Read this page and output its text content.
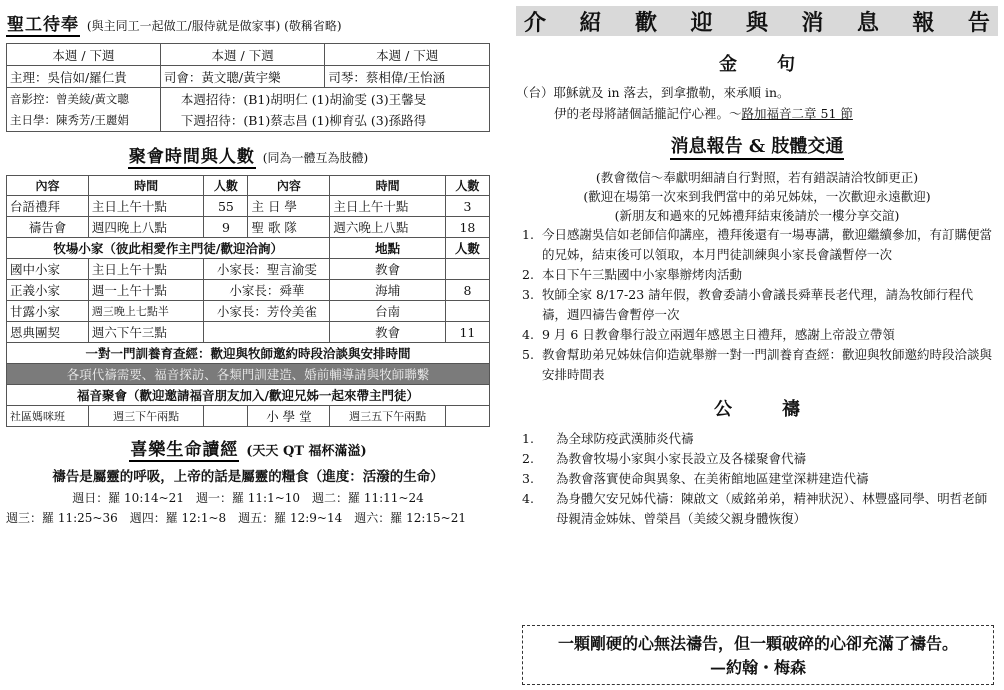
聖工待奉 (與主同工一起做工/服侍就是做家事) (敬稱省略)
本週 / 下週	本週 / 下週	本週 / 下週
主理：吳信如/羅仁貴	司會：黃文聰/黃宇樂	司琴：蔡相偉/王怡涵
音影控：曾美綾/黃文聰	本週招待：(B1)胡明仁 (1)胡渝雯 (3)王馨旻	
主日學：陳秀芳/王麗娟	下週招待：(B1)蔡志昌 (1)柳育弘 (3)孫路得	
聚會時間與人數 (同為一體互為肢體)
內容	時間	人數	內容	時間	人數
台語禮拜	主日上午十點	55	主 日 學	主日上午十點	3
禱告會	週四晚上八點	9	聖 歌 隊	週六晚上八點	18
牧場小家（彼此相愛作主門徒/歡迎洽詢）				地點	人數
國中小家	主日上午十點	小家長：聖言渝雯		教會	
正義小家	週一上午十點	小家長：舜華		海埔	8
甘露小家	週三晚上七點半	小家長：芳伶美雀		台南	
恩典團契	週六下午三點			教會	11
一對一門訓養育查經：歡迎與牧師邀約時段洽談與安排時間					
各項代禱需要、福音探訪、各類門訓建造、婚前輔導請與牧師聯繫					
福音聚會（歡迎邀請福音朋友加入/歡迎兄姊一起來帶主門徒）					
社區媽咪班	週三下午兩點		小 學 堂	週三五下午兩點	
喜樂生命讀經 (天天 QT 福杯滿溢)
禱告是屬靈的呼吸，上帝的話是屬靈的糧食（進度：活潑的生命）
週日：羅 10:14~21　週一：羅 11:1~10　週二：羅 11:11~24
週三：羅 11:25~36　週四：羅 12:1~8　週五：羅 12:9~14　週六：羅 12:15~21
介 紹 歡 迎 與 消 息 報 告
金句
（台）耶穌就及 in 落去，到拿撒勒，來承順 in。
伊的老母將諸個話攏記佇心裡。～路加福音二章 51 節
消息報告 & 肢體交通
(教會徵信～奉獻明細請自行對照，若有錯誤請洽牧師更正)
(歡迎在場第一次來到我們當中的弟兄姊妹，一次歡迎永遠歡迎)
(新朋友和過來的兄姊禮拜結束後請於一樓分享交誼)
1. 今日感謝吳信如老師信仰講座，禮拜後還有一場專講，歡迎繼續參加，有訂購便當的兄姊，結束後可以領取，本月門徒訓練與小家長會議暫停一次
2. 本日下午三點國中小家舉辦烤肉活動
3. 牧師全家 8/17-23 請年假，教會委請小會議長舜華長老代理，請為牧師行程代禱，週四禱告會暫停一次
4. 9 月 6 日教會舉行設立兩週年感恩主日禮拜，感謝上帝設立帶領
5. 教會幫助弟兄姊妹信仰造就舉辦一對一門訓養育查經：歡迎與牧師邀約時段洽談與安排時間表
公禱
1.	為全球防疫武漢肺炎代禱
2.	為教會牧場小家與小家長設立及各樣聚會代禱
3.	為教會落實使命與異象、在美術館地區建堂深耕建造代禱
4.	為身體欠安兄姊代禱：陳啟文（威銘弟弟，精神狀況）、林豐盛同學、明哲老師母親清金姊妹、曾榮昌（美綾父親身體恢復）
一顆剛硬的心無法禱告，但一顆破碎的心卻充滿了禱告。
—約翰・梅森
